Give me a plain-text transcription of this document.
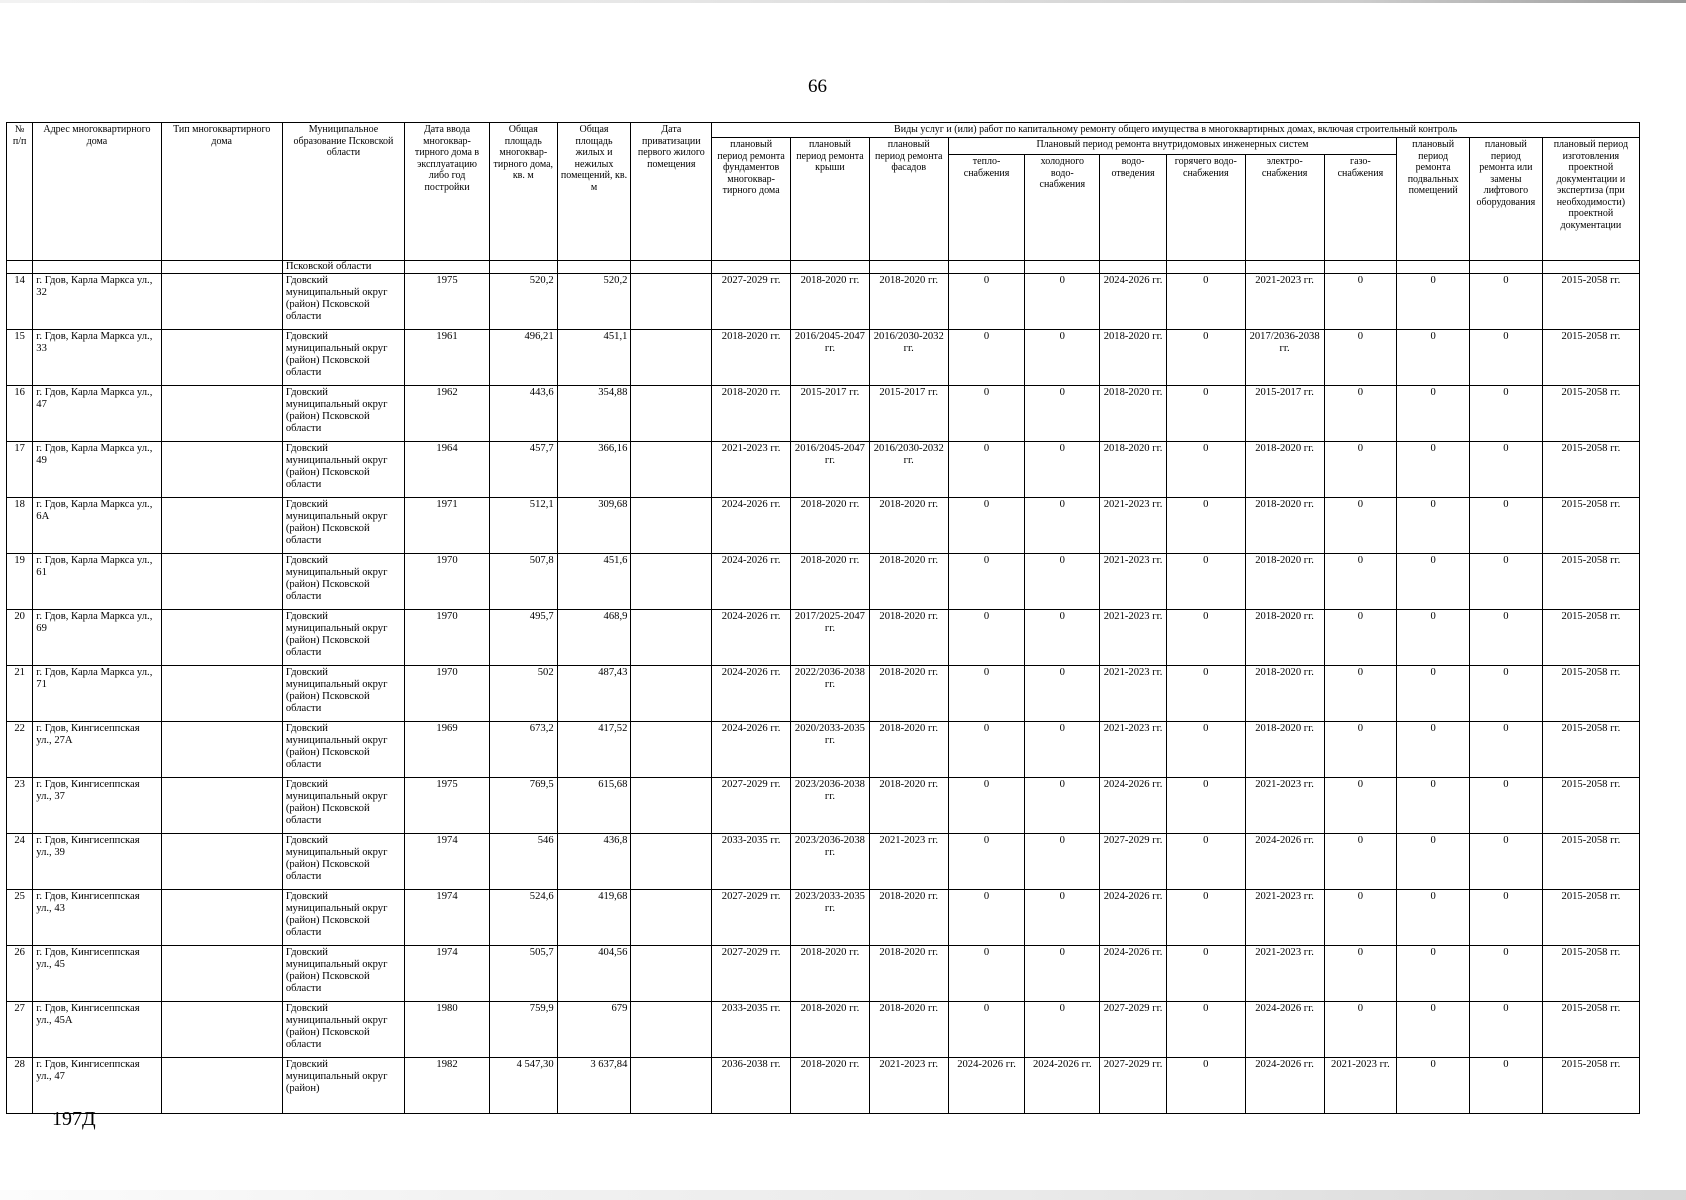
66
№ п/п	Адрес многоквартирного дома	Тип многоквартирного дома	Муниципальное образование Псковской области	Дата ввода многоквар-тирного дома в эксплуатацию либо год постройки	Общая площадь многоквар-тирного дома, кв. м	Общая площадь жилых и нежилых помещений, кв. м	Дата приватизации первого жилого помещения	Виды услуг и (или) работ по капитальному ремонту общего имущества в многоквартирных домах, включая строительный контроль											
								плановый период ремонта фундаментов многоквар-тирного дома	плановый период ремонта крыши	плановый период ремонта фасадов	Плановый период ремонта внутридомовых инженерных систем						плановый период ремонта подвальных помещений	плановый период ремонта или замены лифтового оборудования	плановый период изготовления проектной документации и экспертиза (при необходимости) проектной документации
											тепло-снабжения	холодного водо-снабжения	водо-отведения	горячего водо-снабжения	электро-снабжения	газо-снабжения			
			Псковской области																
14	г. Гдов, Карла Маркса ул., 32		Гдовский муниципальный округ (район) Псковской области	1975	520,2	520,2		2027-2029 гг.	2018-2020 гг.	2018-2020 гг.	0	0	2024-2026 гг.	0	2021-2023 гг.	0	0	0	2015-2058 гг.
15	г. Гдов, Карла Маркса ул., 33		Гдовский муниципальный округ (район) Псковской области	1961	496,21	451,1		2018-2020 гг.	2016/2045-2047 гг.	2016/2030-2032 гг.	0	0	2018-2020 гг.	0	2017/2036-2038 гг.	0	0	0	2015-2058 гг.
16	г. Гдов, Карла Маркса ул., 47		Гдовский муниципальный округ (район) Псковской области	1962	443,6	354,88		2018-2020 гг.	2015-2017 гг.	2015-2017 гг.	0	0	2018-2020 гг.	0	2015-2017 гг.	0	0	0	2015-2058 гг.
17	г. Гдов, Карла Маркса ул., 49		Гдовский муниципальный округ (район) Псковской области	1964	457,7	366,16		2021-2023 гг.	2016/2045-2047 гг.	2016/2030-2032 гг.	0	0	2018-2020 гг.	0	2018-2020 гг.	0	0	0	2015-2058 гг.
18	г. Гдов, Карла Маркса ул., 6А		Гдовский муниципальный округ (район) Псковской области	1971	512,1	309,68		2024-2026 гг.	2018-2020 гг.	2018-2020 гг.	0	0	2021-2023 гг.	0	2018-2020 гг.	0	0	0	2015-2058 гг.
19	г. Гдов, Карла Маркса ул., 61		Гдовский муниципальный округ (район) Псковской области	1970	507,8	451,6		2024-2026 гг.	2018-2020 гг.	2018-2020 гг.	0	0	2021-2023 гг.	0	2018-2020 гг.	0	0	0	2015-2058 гг.
20	г. Гдов, Карла Маркса ул., 69		Гдовский муниципальный округ (район) Псковской области	1970	495,7	468,9		2024-2026 гг.	2017/2025-2047 гг.	2018-2020 гг.	0	0	2021-2023 гг.	0	2018-2020 гг.	0	0	0	2015-2058 гг.
21	г. Гдов, Карла Маркса ул., 71		Гдовский муниципальный округ (район) Псковской области	1970	502	487,43		2024-2026 гг.	2022/2036-2038 гг.	2018-2020 гг.	0	0	2021-2023 гг.	0	2018-2020 гг.	0	0	0	2015-2058 гг.
22	г. Гдов, Кингисеппская ул., 27А		Гдовский муниципальный округ (район) Псковской области	1969	673,2	417,52		2024-2026 гг.	2020/2033-2035 гг.	2018-2020 гг.	0	0	2021-2023 гг.	0	2018-2020 гг.	0	0	0	2015-2058 гг.
23	г. Гдов, Кингисеппская ул., 37		Гдовский муниципальный округ (район) Псковской области	1975	769,5	615,68		2027-2029 гг.	2023/2036-2038 гг.	2018-2020 гг.	0	0	2024-2026 гг.	0	2021-2023 гг.	0	0	0	2015-2058 гг.
24	г. Гдов, Кингисеппская ул., 39		Гдовский муниципальный округ (район) Псковской области	1974	546	436,8		2033-2035 гг.	2023/2036-2038 гг.	2021-2023 гг.	0	0	2027-2029 гг.	0	2024-2026 гг.	0	0	0	2015-2058 гг.
25	г. Гдов, Кингисеппская ул., 43		Гдовский муниципальный округ (район) Псковской области	1974	524,6	419,68		2027-2029 гг.	2023/2033-2035 гг.	2018-2020 гг.	0	0	2024-2026 гг.	0	2021-2023 гг.	0	0	0	2015-2058 гг.
26	г. Гдов, Кингисеппская ул., 45		Гдовский муниципальный округ (район) Псковской области	1974	505,7	404,56		2027-2029 гг.	2018-2020 гг.	2018-2020 гг.	0	0	2024-2026 гг.	0	2021-2023 гг.	0	0	0	2015-2058 гг.
27	г. Гдов, Кингисеппская ул., 45А		Гдовский муниципальный округ (район) Псковской области	1980	759,9	679		2033-2035 гг.	2018-2020 гг.	2018-2020 гг.	0	0	2027-2029 гг.	0	2024-2026 гг.	0	0	0	2015-2058 гг.
28	г. Гдов, Кингисеппская ул., 47		Гдовский муниципальный округ (район)	1982	4 547,30	3 637,84		2036-2038 гг.	2018-2020 гг.	2021-2023 гг.	2024-2026 гг.	2024-2026 гг.	2027-2029 гг.	0	2024-2026 гг.	2021-2023 гг.	0	0	2015-2058 гг.
197Д
